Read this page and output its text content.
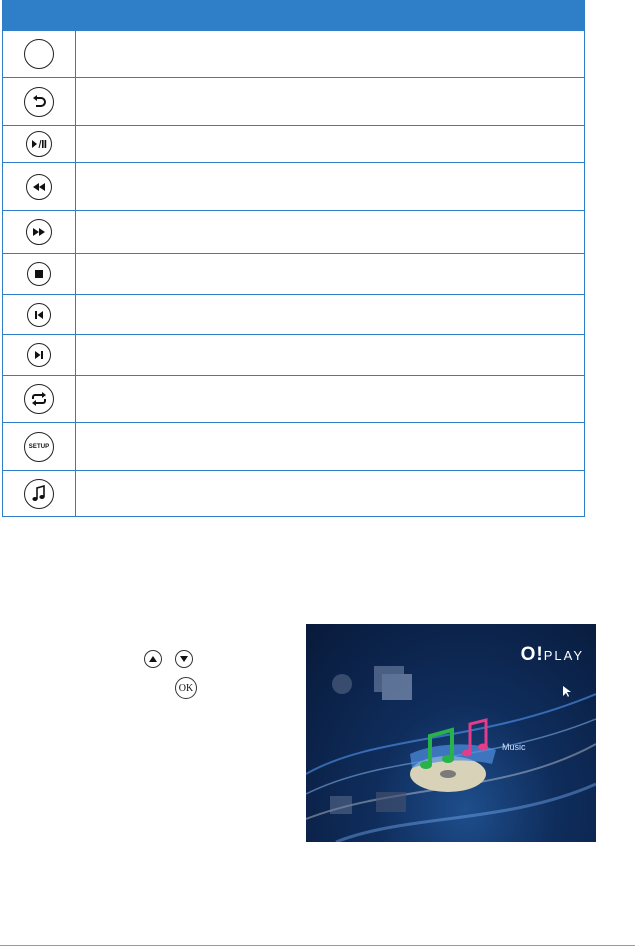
SETUP
OK
O!PLAY
Music
